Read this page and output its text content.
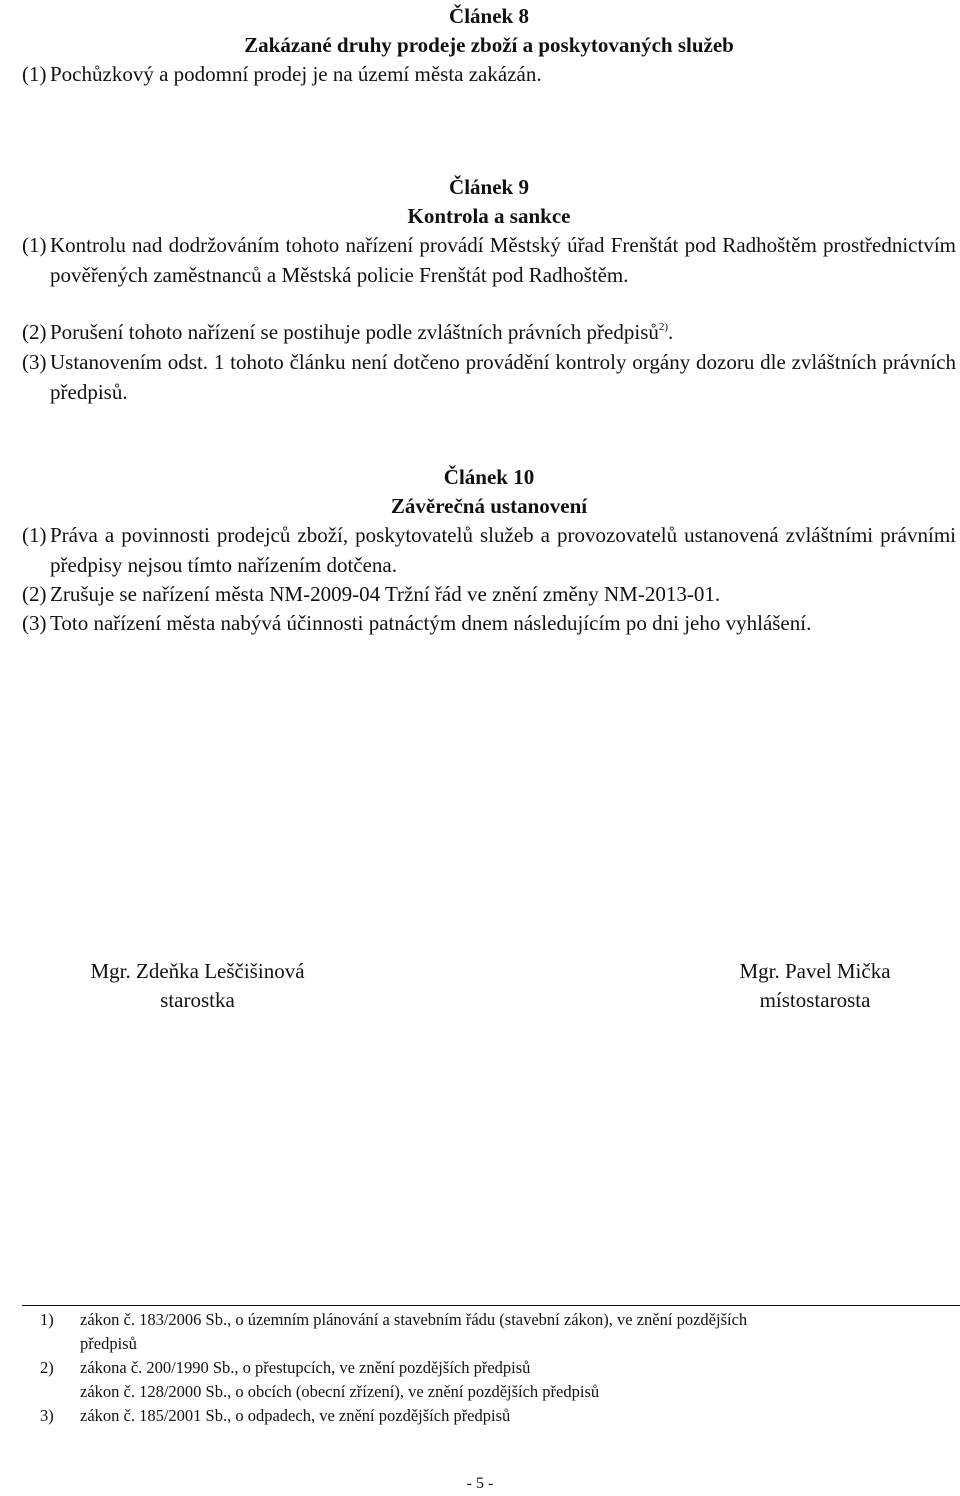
Článek 8
Zakázané druhy prodeje zboží a poskytovaných služeb
(1) Pochůzkový a podomní prodej je na území města zakázán.
Článek 9
Kontrola a sankce
(1) Kontrolu nad dodržováním tohoto nařízení provádí Městský úřad Frenštát pod Radhoštěm prostřednictvím pověřených zaměstnanců a Městská policie Frenštát pod Radhoštěm.
(2) Porušení tohoto nařízení se postihuje podle zvláštních právních předpisů$^{2)}$.
(3) Ustanovením odst. 1 tohoto článku není dotčeno provádění kontroly orgány dozoru dle zvláštních právních předpisů.
Článek 10
Závěrečná ustanovení
(1) Práva a povinnosti prodejců zboží, poskytovatelů služeb a provozovatelů ustanovená zvláštními právními předpisy nejsou tímto nařízením dotčena.
(2) Zrušuje se nařízení města NM-2009-04 Tržní řád ve znění změny NM-2013-01.
(3) Toto nařízení města nabývá účinnosti patnáctým dnem následujícím po dni jeho vyhlášení.
Mgr. Zdeňka Leščišinová
starostka
Mgr. Pavel Mička
místostarosta
1)	zákon č. 183/2006 Sb., o územním plánování a stavebním řádu (stavební zákon), ve znění pozdějších
předpisů
2)	zákona č. 200/1990 Sb., o přestupcích, ve znění pozdějších předpisů
zákon č. 128/2000 Sb., o obcích (obecní zřízení), ve znění pozdějších předpisů
3)	zákon č. 185/2001 Sb., o odpadech, ve znění pozdějších předpisů
- 5 -
